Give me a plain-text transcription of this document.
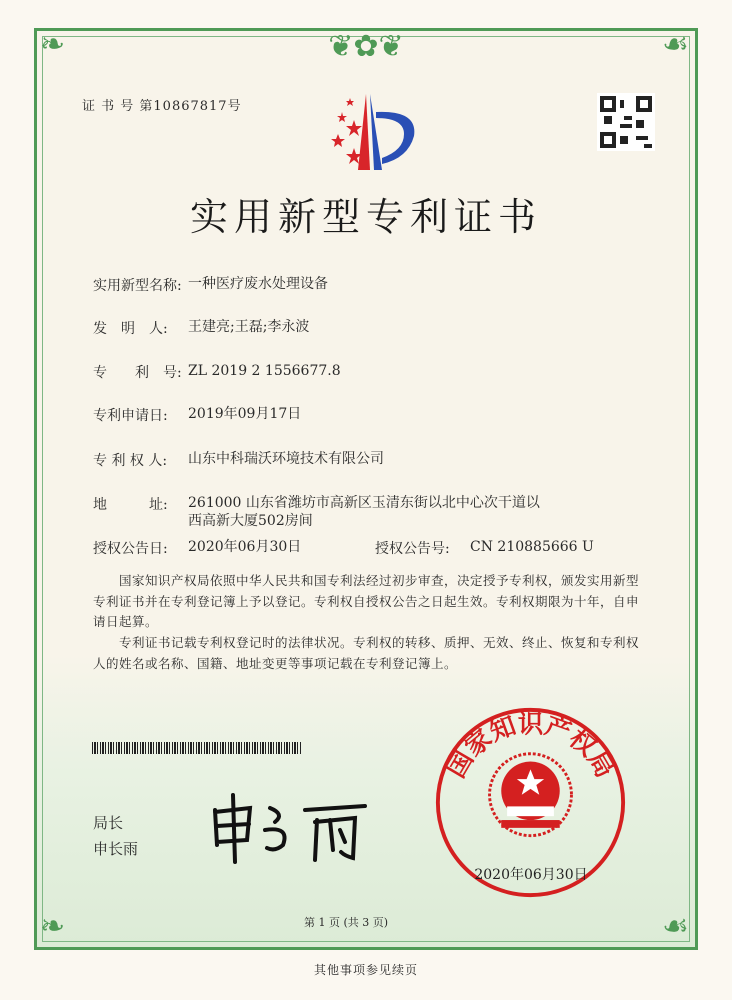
❦✿❦
❧	☙
❧	☙
证 书 号 第10867817号
实用新型专利证书
实用新型名称: 一种医疗废水处理设备
发　明　人:	王建亮;王磊;李永波
专　　利　号: ZL 2019 2 1556677.8
专利申请日:	2019年09月17日
专 利 权 人:	山东中科瑞沃环境技术有限公司
地　　　址:	261000 山东省潍坊市高新区玉清东街以北中心次干道以
西高新大厦502房间
授权公告日:	2020年06月30日	授权公告号:	CN 210885666 U

国家知识产权局依照中华人民共和国专利法经过初步审查，决定授予专利权，颁发实用新型专利证书并在专利登记簿上予以登记。专利权自授权公告之日起生效。专利权期限为十年，自申请日起算。

专利证书记载专利权登记时的法律状况。专利权的转移、质押、无效、终止、恢复和专利权人的姓名或名称、国籍、地址变更等事项记载在专利登记簿上。

局长
申长雨
国家知识产权局
2020年06月30日
第 1 页 (共 3 页)
其他事项参见续页
